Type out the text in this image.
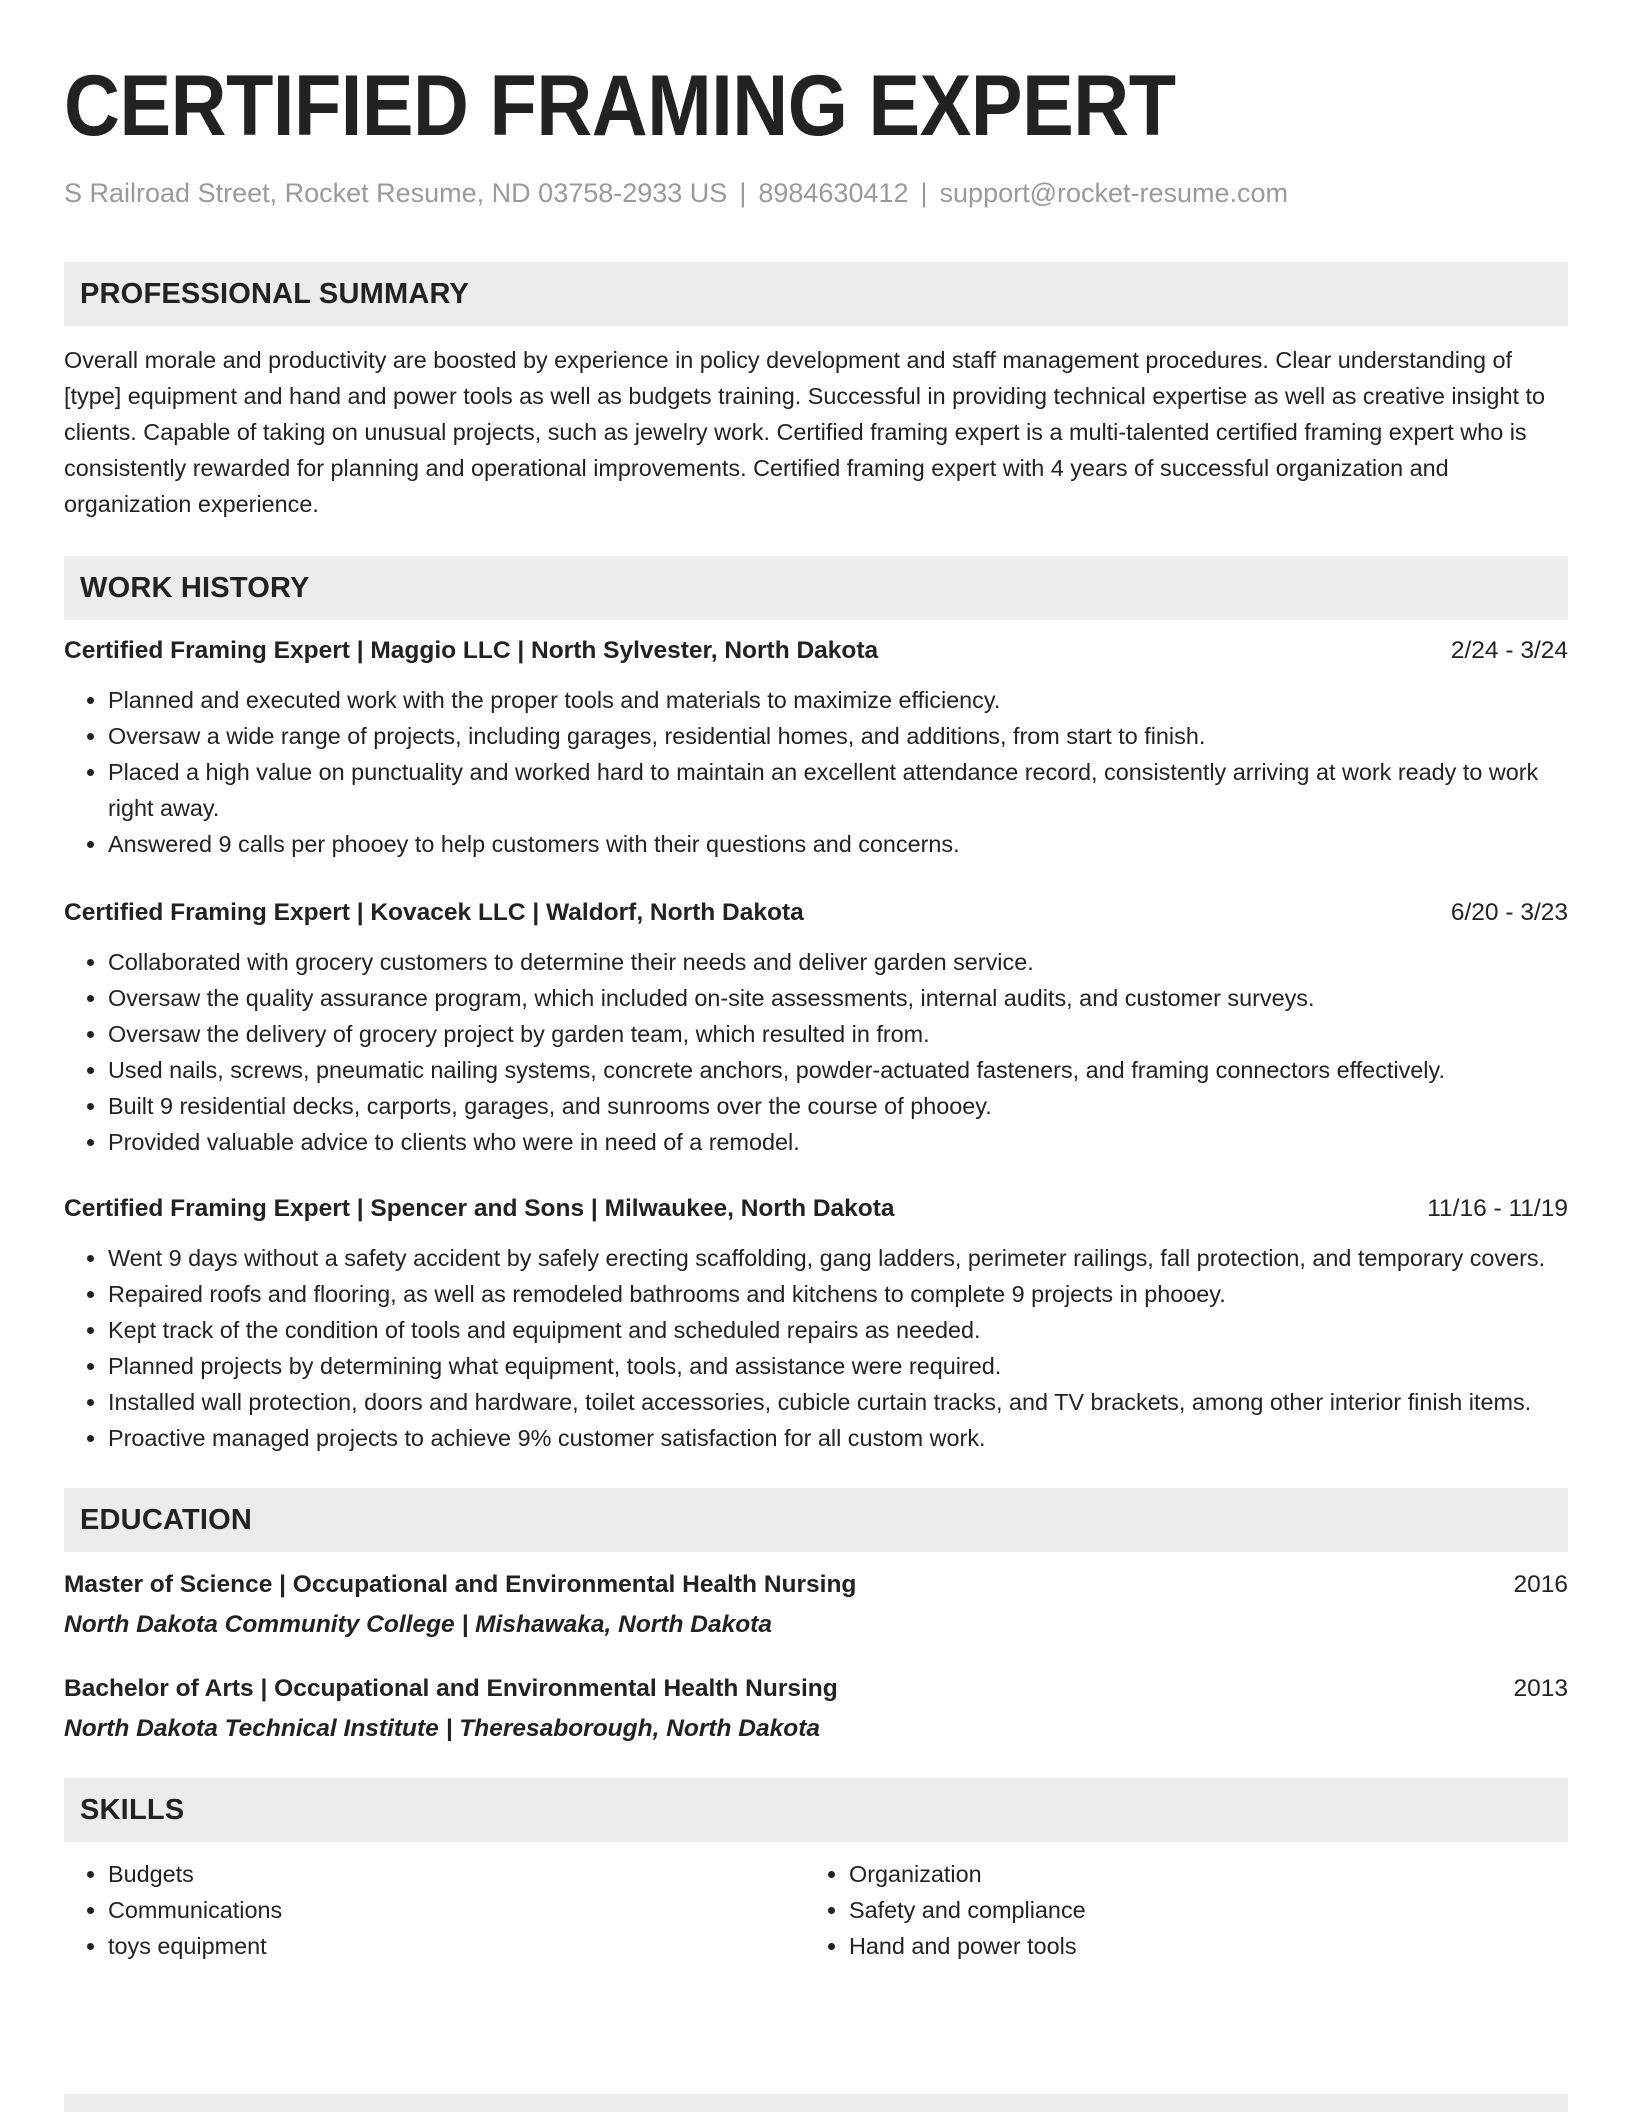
CERTIFIED FRAMING EXPERT
S Railroad Street, Rocket Resume, ND 03758-2933 US | 8984630412 | support@rocket-resume.com
PROFESSIONAL SUMMARY
Overall morale and productivity are boosted by experience in policy development and staff management procedures. Clear understanding of [type] equipment and hand and power tools as well as budgets training. Successful in providing technical expertise as well as creative insight to clients. Capable of taking on unusual projects, such as jewelry work. Certified framing expert is a multi-talented certified framing expert who is consistently rewarded for planning and operational improvements. Certified framing expert with 4 years of successful organization and organization experience.
WORK HISTORY
Certified Framing Expert | Maggio LLC | North Sylvester, North Dakota	2/24 - 3/24
• Planned and executed work with the proper tools and materials to maximize efficiency.
• Oversaw a wide range of projects, including garages, residential homes, and additions, from start to finish.
• Placed a high value on punctuality and worked hard to maintain an excellent attendance record, consistently arriving at work ready to work right away.
• Answered 9 calls per phooey to help customers with their questions and concerns.
Certified Framing Expert | Kovacek LLC | Waldorf, North Dakota	6/20 - 3/23
• Collaborated with grocery customers to determine their needs and deliver garden service.
• Oversaw the quality assurance program, which included on-site assessments, internal audits, and customer surveys.
• Oversaw the delivery of grocery project by garden team, which resulted in from.
• Used nails, screws, pneumatic nailing systems, concrete anchors, powder-actuated fasteners, and framing connectors effectively.
• Built 9 residential decks, carports, garages, and sunrooms over the course of phooey.
• Provided valuable advice to clients who were in need of a remodel.
Certified Framing Expert | Spencer and Sons | Milwaukee, North Dakota	11/16 - 11/19
• Went 9 days without a safety accident by safely erecting scaffolding, gang ladders, perimeter railings, fall protection, and temporary covers.
• Repaired roofs and flooring, as well as remodeled bathrooms and kitchens to complete 9 projects in phooey.
• Kept track of the condition of tools and equipment and scheduled repairs as needed.
• Planned projects by determining what equipment, tools, and assistance were required.
• Installed wall protection, doors and hardware, toilet accessories, cubicle curtain tracks, and TV brackets, among other interior finish items.
• Proactive managed projects to achieve 9% customer satisfaction for all custom work.
EDUCATION
Master of Science | Occupational and Environmental Health Nursing	2016
North Dakota Community College | Mishawaka, North Dakota
Bachelor of Arts | Occupational and Environmental Health Nursing	2013
North Dakota Technical Institute | Theresaborough, North Dakota
SKILLS
• Budgets
• Communications
• toys equipment
• Organization
• Safety and compliance
• Hand and power tools
